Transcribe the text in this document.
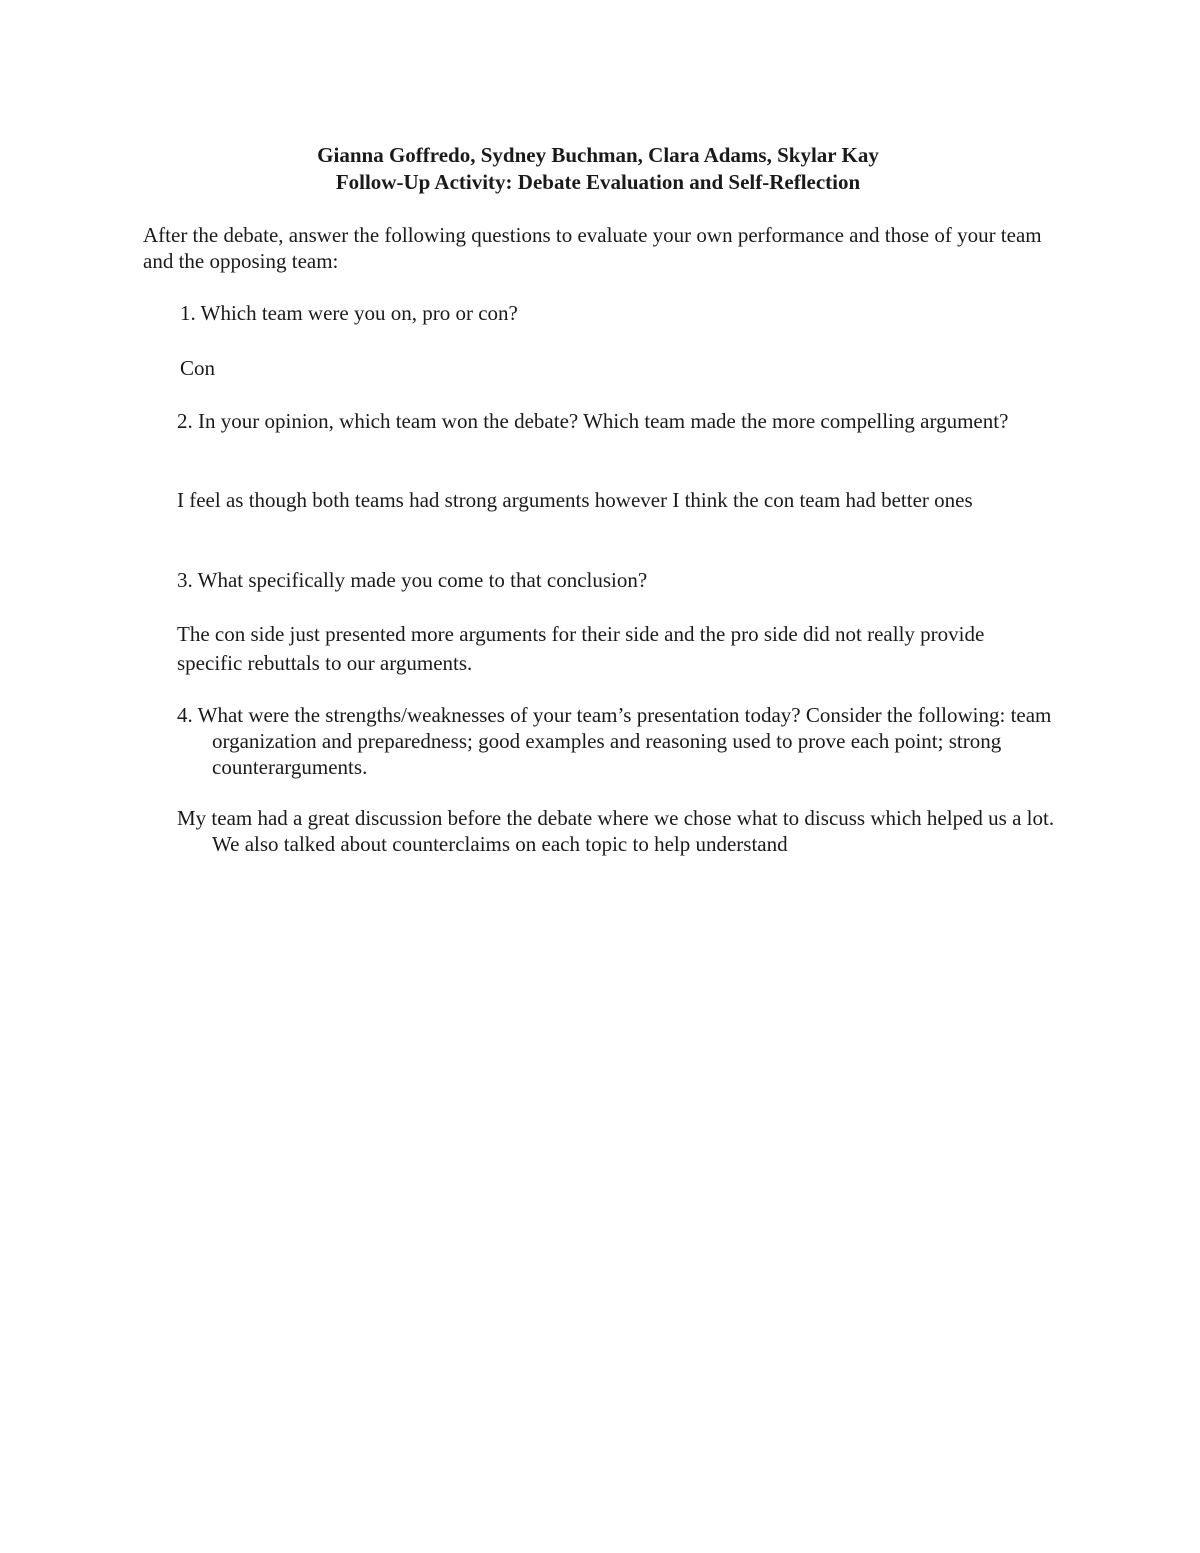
Gianna Goffredo, Sydney Buchman, Clara Adams, Skylar Kay
Follow-Up Activity: Debate Evaluation and Self-Reflection
After the debate, answer the following questions to evaluate your own performance and those of your team and the opposing team:
1. Which team were you on, pro or con?
Con
2. In your opinion, which team won the debate? Which team made the more compelling argument?
I feel as though both teams had strong arguments however I think the con team had better ones
3. What specifically made you come to that conclusion?
The con side just presented more arguments for their side and the pro side did not really provide specific rebuttals to our arguments.
4. What were the strengths/weaknesses of your team’s presentation today? Consider the following: team organization and preparedness; good examples and reasoning used to prove each point; strong counterarguments.
My team had a great discussion before the debate where we chose what to discuss which helped us a lot. We also talked about counterclaims on each topic to help understand
